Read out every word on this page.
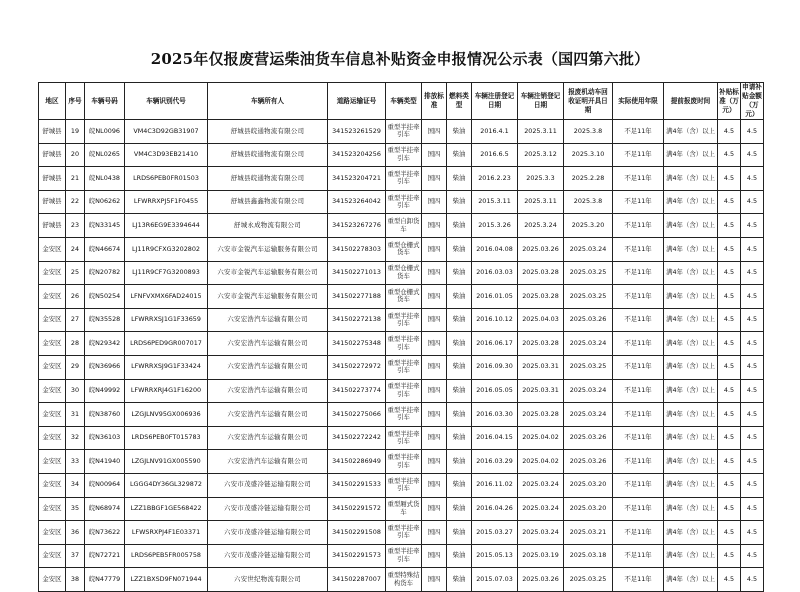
2025年仅报废营运柴油货车信息补贴资金申报情况公示表（国四第六批）
地区	序号	车辆号码	车辆识别代号	车辆所有人	道路运输证号	车辆类型	排放标准	燃料类型	车辆注册登记日期	车辆注销登记日期	报废机动车回收证明开具日期	实际使用年限	提前报废时间	补贴标准（万元）	申请补贴金额（万元）
舒城县	19	皖NL0096	VM4C3D92GB31907	舒城县皖通物流有限公司	341523261529	重型半挂牵引车	国四	柴油	2016.4.1	2025.3.11	2025.3.8	不足11年	满4年（含）以上	4.5	4.5
舒城县	20	皖NL0265	VM4C3D93EB21410	舒城县皖通物流有限公司	341523204256	重型半挂牵引车	国四	柴油	2016.6.5	2025.3.12	2025.3.10	不足11年	满4年（含）以上	4.5	4.5
舒城县	21	皖NL0438	LRDS6PEB0FR01503	舒城县皖通物流有限公司	341523204721	重型半挂牵引车	国四	柴油	2016.2.23	2025.3.3	2025.2.28	不足11年	满4年（含）以上	4.5	4.5
舒城县	22	皖N06262	LFWRRXPJ5F1F0455	舒城县鑫鑫物流有限公司	341523264042	重型半挂牵引车	国四	柴油	2015.3.11	2025.3.11	2025.3.8	不足11年	满4年（含）以上	4.5	4.5
舒城县	23	皖N33145	LJ13R6EG9E3394644	舒城永成物流有限公司	341523267276	重型自卸货车	国四	柴油	2015.3.26	2025.3.24	2025.3.20	不足11年	满4年（含）以上	4.5	4.5
金安区	24	皖N46674	LJ11R9CFXG3202802	六安市金锐汽车运输服务有限公司	341502278303	重型仓栅式货车	国四	柴油	2016.04.08	2025.03.26	2025.03.24	不足11年	满4年（含）以上	4.5	4.5
金安区	25	皖N20782	LJ11R9CF7G3200893	六安市金锐汽车运输服务有限公司	341502271013	重型仓栅式货车	国四	柴油	2016.03.03	2025.03.28	2025.03.25	不足11年	满4年（含）以上	4.5	4.5
金安区	26	皖N50254	LFNFVXMX6FAD24015	六安市金锐汽车运输服务有限公司	341502277188	重型仓栅式货车	国四	柴油	2016.01.05	2025.03.28	2025.03.25	不足11年	满4年（含）以上	4.5	4.5
金安区	27	皖N35528	LFWRRXSJ1G1F33659	六安宏浩汽车运输有限公司	341502272138	重型半挂牵引车	国四	柴油	2016.10.12	2025.04.03	2025.03.26	不足11年	满4年（含）以上	4.5	4.5
金安区	28	皖N29342	LRDS6PED9GR007017	六安宏浩汽车运输有限公司	341502275348	重型半挂牵引车	国四	柴油	2016.06.17	2025.03.28	2025.03.24	不足11年	满4年（含）以上	4.5	4.5
金安区	29	皖N36966	LFWRRXSJ9G1F33424	六安宏浩汽车运输有限公司	341502272972	重型半挂牵引车	国四	柴油	2016.09.30	2025.03.31	2025.03.25	不足11年	满4年（含）以上	4.5	4.5
金安区	30	皖N49992	LFWRRXRJ4G1F16200	六安宏浩汽车运输有限公司	341502273774	重型半挂牵引车	国四	柴油	2016.05.05	2025.03.31	2025.03.24	不足11年	满4年（含）以上	4.5	4.5
金安区	31	皖N38760	LZGJLNV95GX006936	六安宏浩汽车运输有限公司	341502275066	重型半挂牵引车	国四	柴油	2016.03.30	2025.03.28	2025.03.24	不足11年	满4年（含）以上	4.5	4.5
金安区	32	皖N36103	LRDS6PEB0FT015783	六安宏浩汽车运输有限公司	341502272242	重型半挂牵引车	国四	柴油	2016.04.15	2025.04.02	2025.03.26	不足11年	满4年（含）以上	4.5	4.5
金安区	33	皖N41940	LZGJLNV91GX005590	六安宏浩汽车运输有限公司	341502286949	重型半挂牵引车	国四	柴油	2016.03.29	2025.04.02	2025.03.26	不足11年	满4年（含）以上	4.5	4.5
金安区	34	皖N00964	LGGG4DY36GL329872	六安市茂盛冷链运输有限公司	341502291533	重型半挂牵引车	国四	柴油	2016.11.02	2025.03.24	2025.03.20	不足11年	满4年（含）以上	4.5	4.5
金安区	35	皖N68974	LZZ1BBGF1GE568422	六安市茂盛冷链运输有限公司	341502291572	重型厢式货车	国四	柴油	2016.04.26	2025.03.24	2025.03.20	不足11年	满4年（含）以上	4.5	4.5
金安区	36	皖N73622	LFWSRXPJ4F1E03371	六安市茂盛冷链运输有限公司	341502291508	重型半挂牵引车	国四	柴油	2015.03.27	2025.03.24	2025.03.21	不足11年	满4年（含）以上	4.5	4.5
金安区	37	皖N72721	LRDS6PEB5FR005758	六安市茂盛冷链运输有限公司	341502291573	重型半挂牵引车	国四	柴油	2015.05.13	2025.03.19	2025.03.18	不足11年	满4年（含）以上	4.5	4.5
金安区	38	皖N47779	LZZ1BXSD9FN071944	六安世纪物流有限公司	341502287007	重型特殊结构货车	国四	柴油	2015.07.03	2025.03.26	2025.03.25	不足11年	满4年（含）以上	4.5	4.5
